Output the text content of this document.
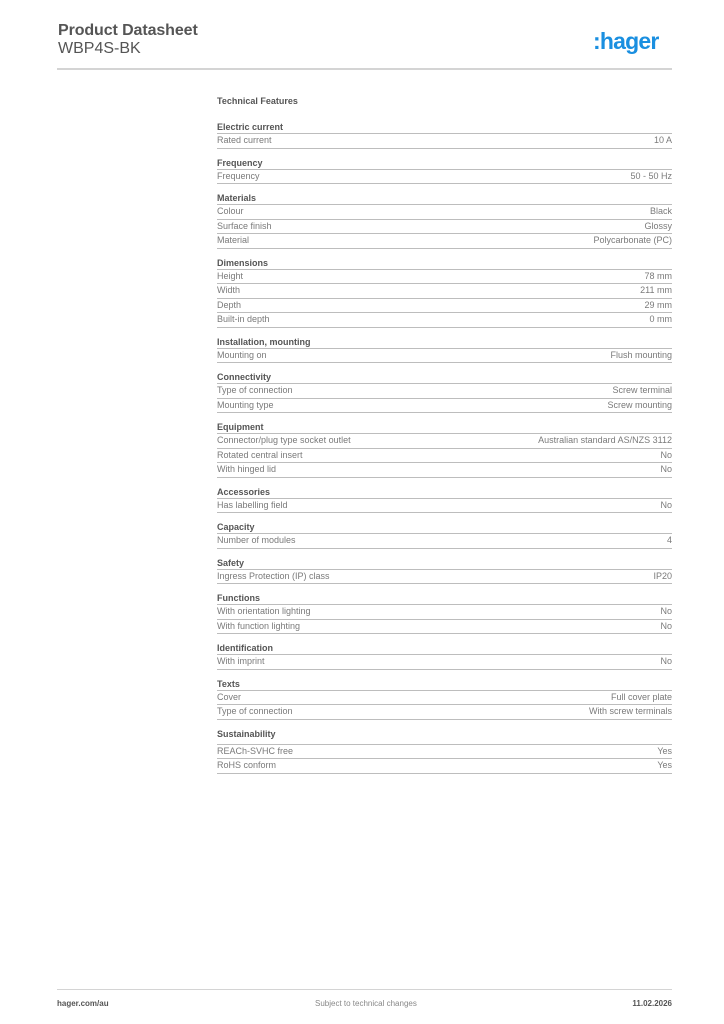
Product Datasheet
WBP4S-BK	:hager
Technical Features
Electric current
Rated current	10 A
Frequency
Frequency	50 - 50 Hz
Materials
Colour	Black
Surface finish	Glossy
Material	Polycarbonate (PC)
Dimensions
Height	78 mm
Width	211 mm
Depth	29 mm
Built-in depth	0 mm
Installation, mounting
Mounting on	Flush mounting
Connectivity
Type of connection	Screw terminal
Mounting type	Screw mounting
Equipment
Connector/plug type socket outlet	Australian standard AS/NZS 3112
Rotated central insert	No
With hinged lid	No
Accessories
Has labelling field	No
Capacity
Number of modules	4
Safety
Ingress Protection (IP) class	IP20
Functions
With orientation lighting	No
With function lighting	No
Identification
With imprint	No
Texts
Cover	Full cover plate
Type of connection	With screw terminals
Sustainability
REACh-SVHC free	Yes
RoHS conform	Yes
hager.com/au	Subject to technical changes	11.02.2026
